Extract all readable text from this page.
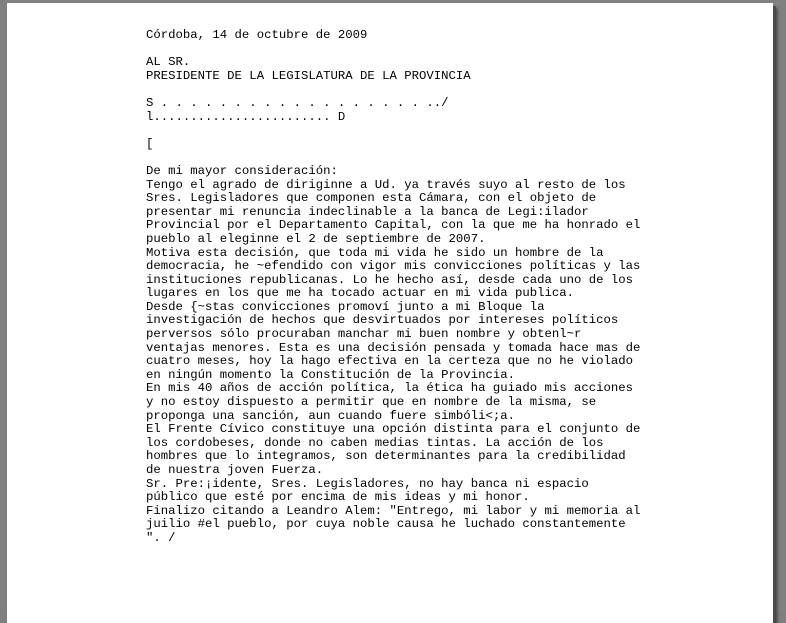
Córdoba, 14 de octubre de 2009
AL SR.
PRESIDENTE DE LA LEGISLATURA DE LA PROVINCIA
S . . . . . . . . . . . . . . . . . . ../
l........................ D
[
De mi mayor consideración:
Tengo el agrado de diriginne a Ud. ya través suyo al resto de los
Sres. Legisladores que componen esta Cámara, con el objeto de
presentar mi renuncia indeclinable a la banca de Legi:ilador
Provincial por el Departamento Capital, con la que me ha honrado el
pueblo al eleginne el 2 de septiembre de 2007.
Motiva esta decisión, que toda mi vida he sido un hombre de la
democracia, he ~efendido con vigor mis convicciones políticas y las
instituciones republicanas. Lo he hecho así, desde cada uno de los
lugares en los que me ha tocado actuar en mi vida publica.
Desde {~stas convicciones promoví junto a mi Bloque la
investigación de hechos que desvirtuados por intereses políticos
perversos sólo procuraban manchar mi buen nombre y obtenl~r
ventajas menores. Esta es una decisión pensada y tomada hace mas de
cuatro meses, hoy la hago efectiva en la certeza que no he violado
en ningún momento la Constitución de la Provincia.
En mis 40 años de acción política, la ética ha guiado mis acciones
y no estoy dispuesto a permitir que en nombre de la misma, se
proponga una sanción, aun cuando fuere simbóli<;a.
El Frente Cívico constituye una opción distinta para el conjunto de
los cordobeses, donde no caben medias tintas. La acción de los
hombres que lo integramos, son determinantes para la credibilidad
de nuestra joven Fuerza.
Sr. Pre:¡idente, Sres. Legisladores, no hay banca ni espacio
público que esté por encima de mis ideas y mi honor.
Finalizo citando a Leandro Alem: "Entrego, mi labor y mi memoria al
juilio #el pueblo, por cuya noble causa he luchado constantemente
". /
